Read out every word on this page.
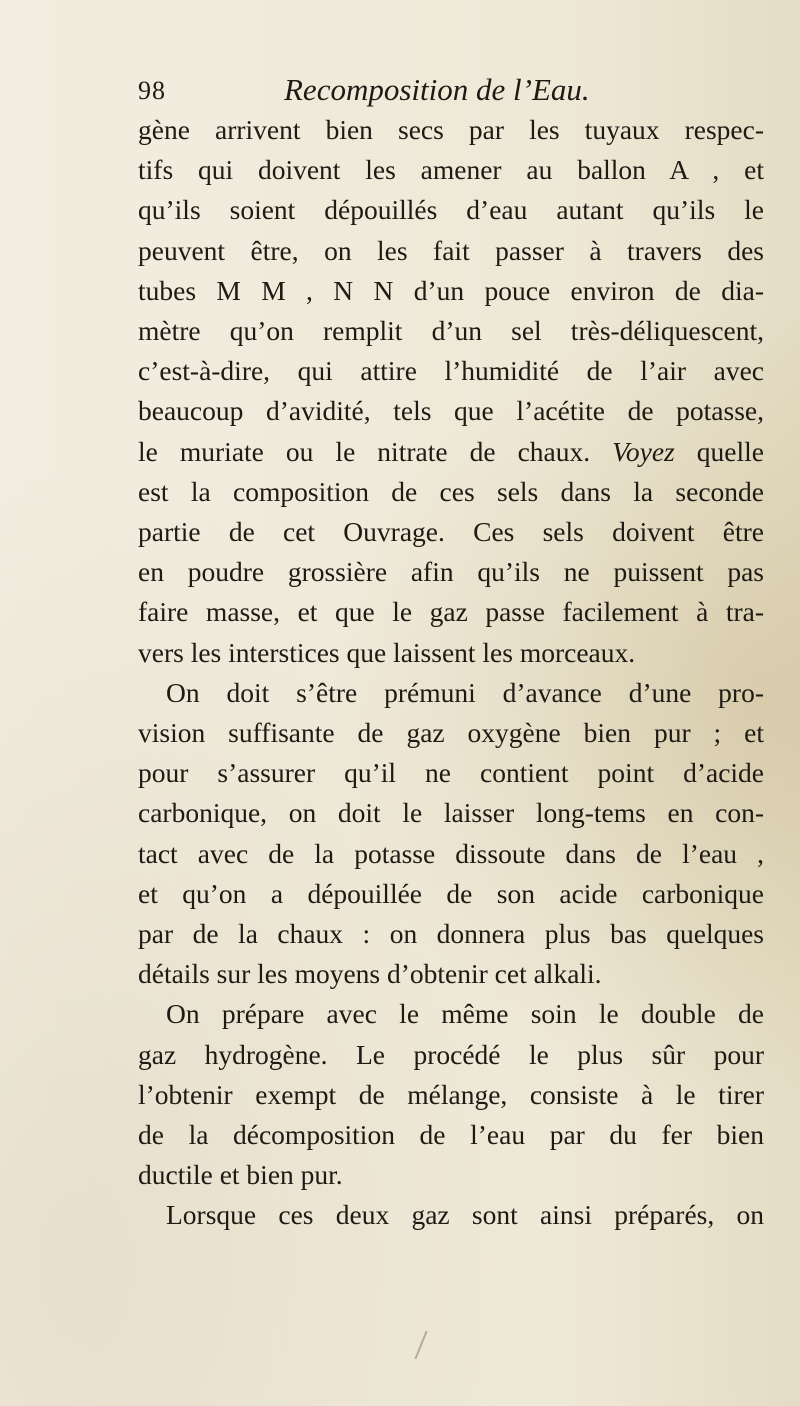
98	Recomposition de l’Eau.
gène arrivent bien secs par les tuyaux respec-
tifs qui doivent les amener au ballon A , et
qu’ils soient dépouillés d’eau autant qu’ils le
peuvent être, on les fait passer à travers des
tubes M M , N N d’un pouce environ de dia-
mètre qu’on remplit d’un sel très-déliquescent,
c’est-à-dire, qui attire l’humidité de l’air avec
beaucoup d’avidité, tels que l’acétite de potasse,
le muriate ou le nitrate de chaux. Voyez quelle
est la composition de ces sels dans la seconde
partie de cet Ouvrage. Ces sels doivent être
en poudre grossière afin qu’ils ne puissent pas
faire masse, et que le gaz passe facilement à tra-
vers les interstices que laissent les morceaux.
On doit s’être prémuni d’avance d’une pro-
vision suffisante de gaz oxygène bien pur ; et
pour s’assurer qu’il ne contient point d’acide
carbonique, on doit le laisser long-tems en con-
tact avec de la potasse dissoute dans de l’eau ,
et qu’on a dépouillée de son acide carbonique
par de la chaux : on donnera plus bas quelques
détails sur les moyens d’obtenir cet alkali.
On prépare avec le même soin le double de
gaz hydrogène. Le procédé le plus sûr pour
l’obtenir exempt de mélange, consiste à le tirer
de la décomposition de l’eau par du fer bien
ductile et bien pur.
Lorsque ces deux gaz sont ainsi préparés, on
